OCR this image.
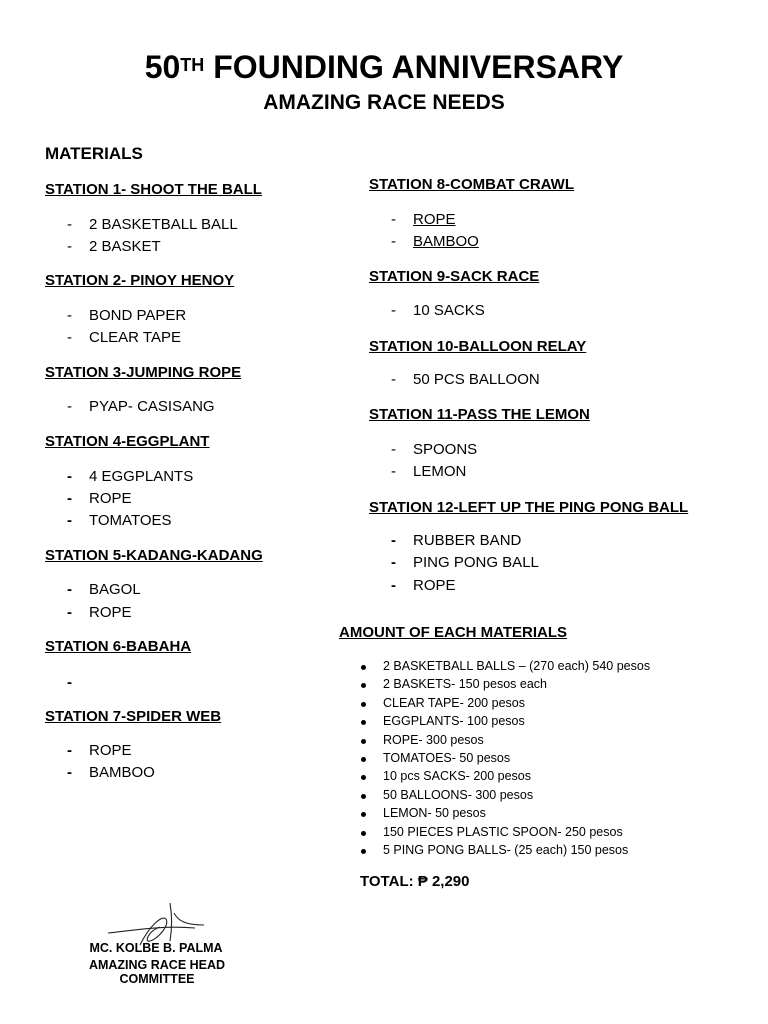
50TH FOUNDING ANNIVERSARY
AMAZING RACE NEEDS
MATERIALS
STATION 1- SHOOT THE BALL
- 2 BASKETBALL BALL
- 2 BASKET
STATION 2- PINOY HENOY
- BOND PAPER
- CLEAR TAPE
STATION 3-JUMPING ROPE
- PYAP- CASISANG
STATION 4-EGGPLANT
- 4 EGGPLANTS
- ROPE
- TOMATOES
STATION 5-KADANG-KADANG
- BAGOL
- ROPE
STATION 6-BABAHA
-
STATION 7-SPIDER WEB
- ROPE
- BAMBOO
STATION 8-COMBAT CRAWL
- ROPE
- BAMBOO
STATION 9-SACK RACE
- 10 SACKS
STATION 10-BALLOON RELAY
- 50 PCS BALLOON
STATION 11-PASS THE LEMON
- SPOONS
- LEMON
STATION 12-LEFT UP THE PING PONG BALL
- RUBBER BAND
- PING PONG BALL
- ROPE
AMOUNT OF EACH MATERIALS
2 BASKETBALL BALLS – (270 each) 540 pesos
2 BASKETS- 150 pesos each
CLEAR TAPE- 200 pesos
EGGPLANTS- 100 pesos
ROPE- 300 pesos
TOMATOES- 50 pesos
10 pcs SACKS- 200 pesos
50 BALLOONS- 300 pesos
LEMON- 50 pesos
150 PIECES PLASTIC SPOON- 250 pesos
5 PING PONG BALLS- (25 each) 150 pesos
TOTAL: ₱ 2,290
MC. KOLBE B. PALMA
AMAZING RACE HEAD COMMITTEE
